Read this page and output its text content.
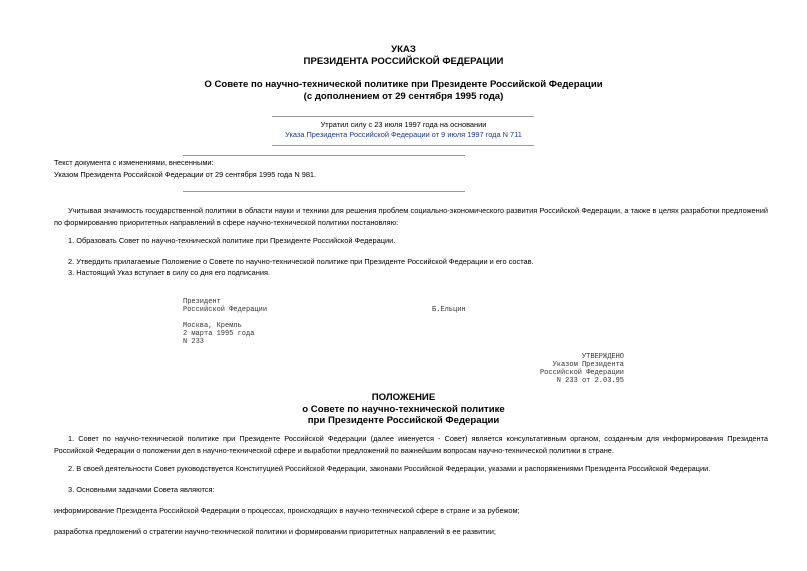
УКАЗ
ПРЕЗИДЕНТА РОССИЙСКОЙ ФЕДЕРАЦИИ
О Совете по научно-технической политике при Президенте Российской Федерации
(с дополнением от 29 сентября 1995 года)
Утратил силу с 23 июля 1997 года на основании
Указа Президента Российской Федерации от 9 июля 1997 года N 711
Текст документа с изменениями, внесенными:
Указом Президента Российской Федерации от 29 сентября 1995 года N 981.
Учитывая значимость государственной политики в области науки и техники для решения проблем социально-экономического развития Российской Федерации, а также в целях разработки предложений по формированию приоритетных направлений в сфере научно-технической политики постановляю:
1. Образовать Совет по научно-технической политике при Президенте Российской Федерации.
2. Утвердить прилагаемые Положение о Совете по научно-технической политике при Президенте Российской Федерации и его состав.
3. Настоящий Указ вступает в силу со дня его подписания.
Президент
Российской Федерации	Б.Ельцин
Москва, Кремль
2 марта 1995 года
N 233
УТВЕРЖДЕНО
Указом Президента
Российской Федерации
N 233 от 2.03.95
ПОЛОЖЕНИЕ
о Совете по научно-технической политике
при Президенте Российской Федерации
1. Совет по научно-технической политике при Президенте Российской Федерации (далее именуется - Совет) является консультативным органом, созданным для информирования Президента Российской Федерации о положении дел в научно-технической сфере и выработки предложений по важнейшим вопросам научно-технической политики в стране.
2. В своей деятельности Совет руководствуется Конституцией Российской Федерации, законами Российской Федерации, указами и распоряжениями Президента Российской Федерации.
3. Основными задачами Совета являются:
информирование Президента Российской Федерации о процессах, происходящих в научно-технической сфере в стране и за рубежом;
разработка предложений о стратегии научно-технической политики и формировании приоритетных направлений в ее развитии;
